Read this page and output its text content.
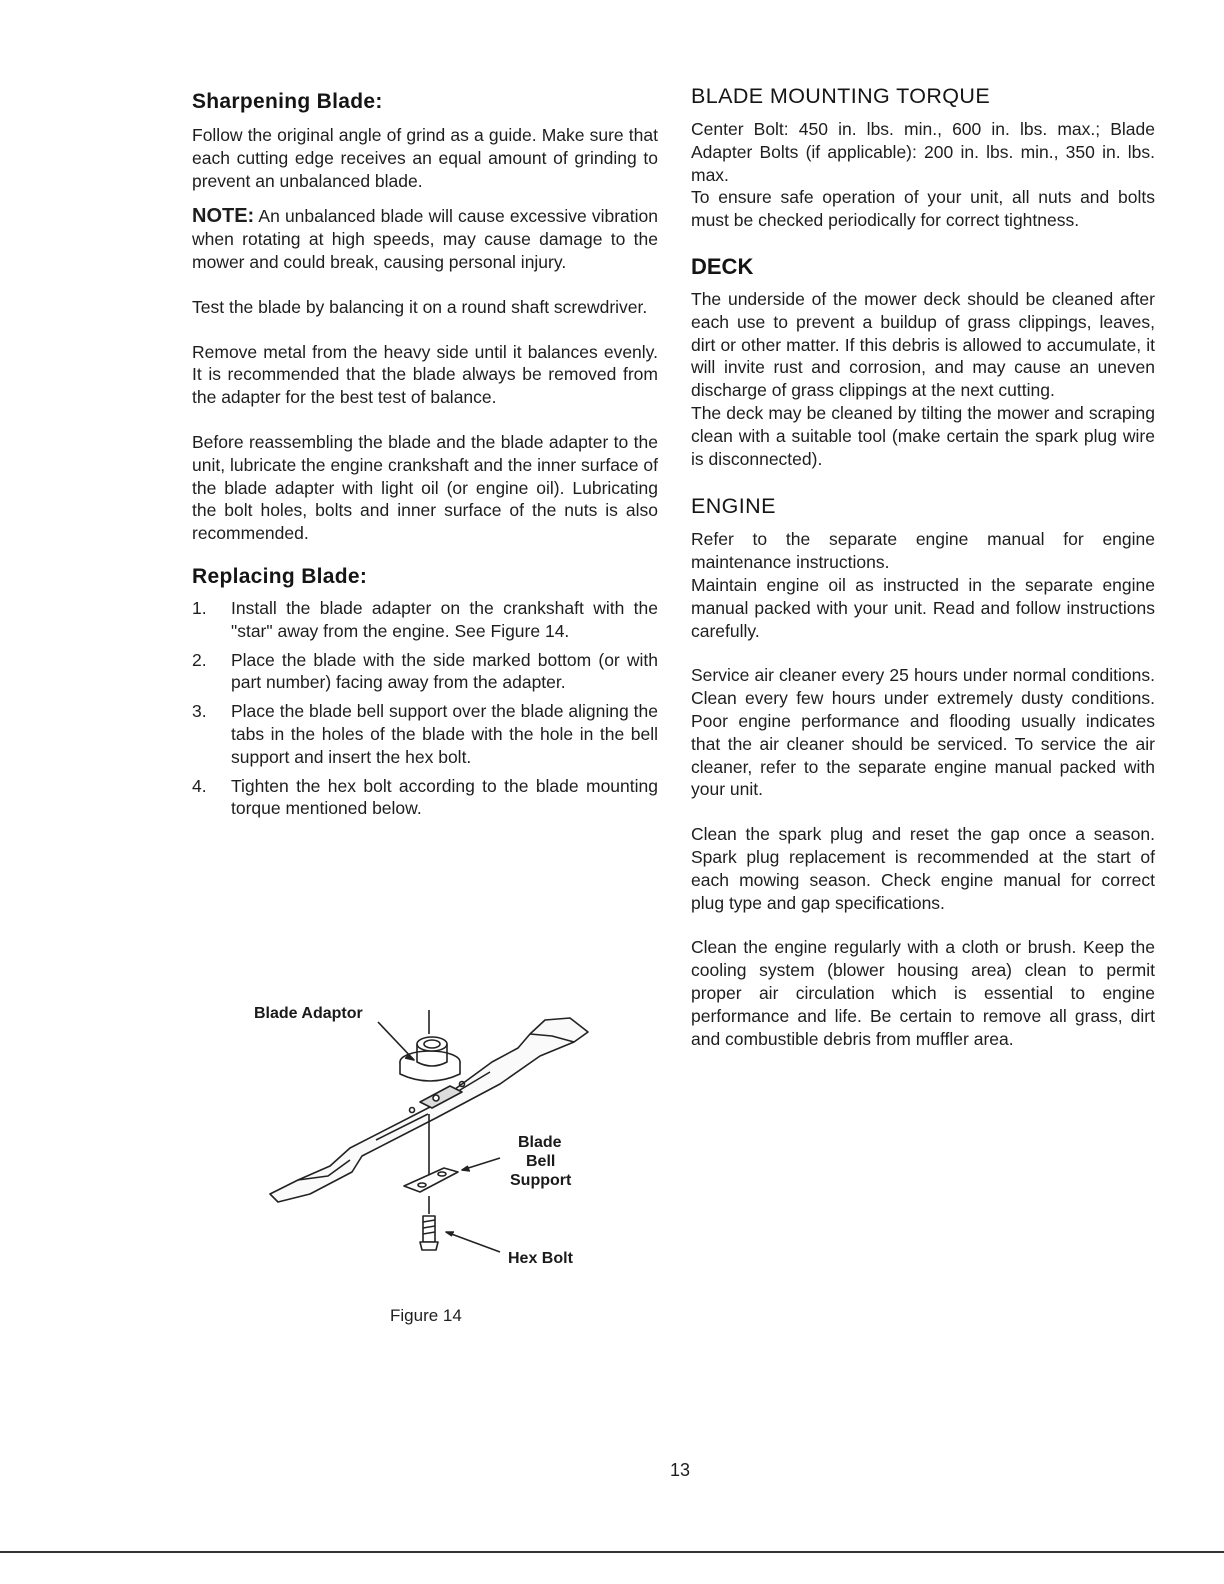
Sharpening Blade:

Follow the original angle of grind as a guide. Make sure that each cutting edge receives an equal amount of grinding to prevent an unbalanced blade.

NOTE: An unbalanced blade will cause excessive vibration when rotating at high speeds, may cause damage to the mower and could break, causing personal injury.

Test the blade by balancing it on a round shaft screwdriver.

Remove metal from the heavy side until it balances evenly. It is recommended that the blade always be removed from the adapter for the best test of balance.

Before reassembling the blade and the blade adapter to the unit, lubricate the engine crankshaft and the inner surface of the blade adapter with light oil (or engine oil). Lubricating the bolt holes, bolts and inner surface of the nuts is also recommended.

Replacing Blade:
1. Install the blade adapter on the crankshaft with the "star" away from the engine. See Figure 14.
2. Place the blade with the side marked bottom (or with part number) facing away from the adapter.
3. Place the blade bell support over the blade aligning the tabs in the holes of the blade with the hole in the bell support and insert the hex bolt.
4. Tighten the hex bolt according to the blade mounting torque mentioned below.
Blade Adaptor
Blade
Bell
Support
Hex Bolt
Figure 14
BLADE MOUNTING TORQUE

Center Bolt: 450 in. lbs. min., 600 in. lbs. max.; Blade Adapter Bolts (if applicable): 200 in. lbs. min., 350 in. lbs. max.

To ensure safe operation of your unit, all nuts and bolts must be checked periodically for correct tightness.

DECK

The underside of the mower deck should be cleaned after each use to prevent a buildup of grass clippings, leaves, dirt or other matter. If this debris is allowed to accumulate, it will invite rust and corrosion, and may cause an uneven discharge of grass clippings at the next cutting.

The deck may be cleaned by tilting the mower and scraping clean with a suitable tool (make certain the spark plug wire is disconnected).

ENGINE

Refer to the separate engine manual for engine maintenance instructions.

Maintain engine oil as instructed in the separate engine manual packed with your unit. Read and follow instructions carefully.

Service air cleaner every 25 hours under normal conditions. Clean every few hours under extremely dusty conditions. Poor engine performance and flooding usually indicates that the air cleaner should be serviced. To service the air cleaner, refer to the separate engine manual packed with your unit.

Clean the spark plug and reset the gap once a season. Spark plug replacement is recommended at the start of each mowing season. Check engine manual for correct plug type and gap specifications.

Clean the engine regularly with a cloth or brush. Keep the cooling system (blower housing area) clean to permit proper air circulation which is essential to engine performance and life. Be certain to remove all grass, dirt and combustible debris from muffler area.

13
